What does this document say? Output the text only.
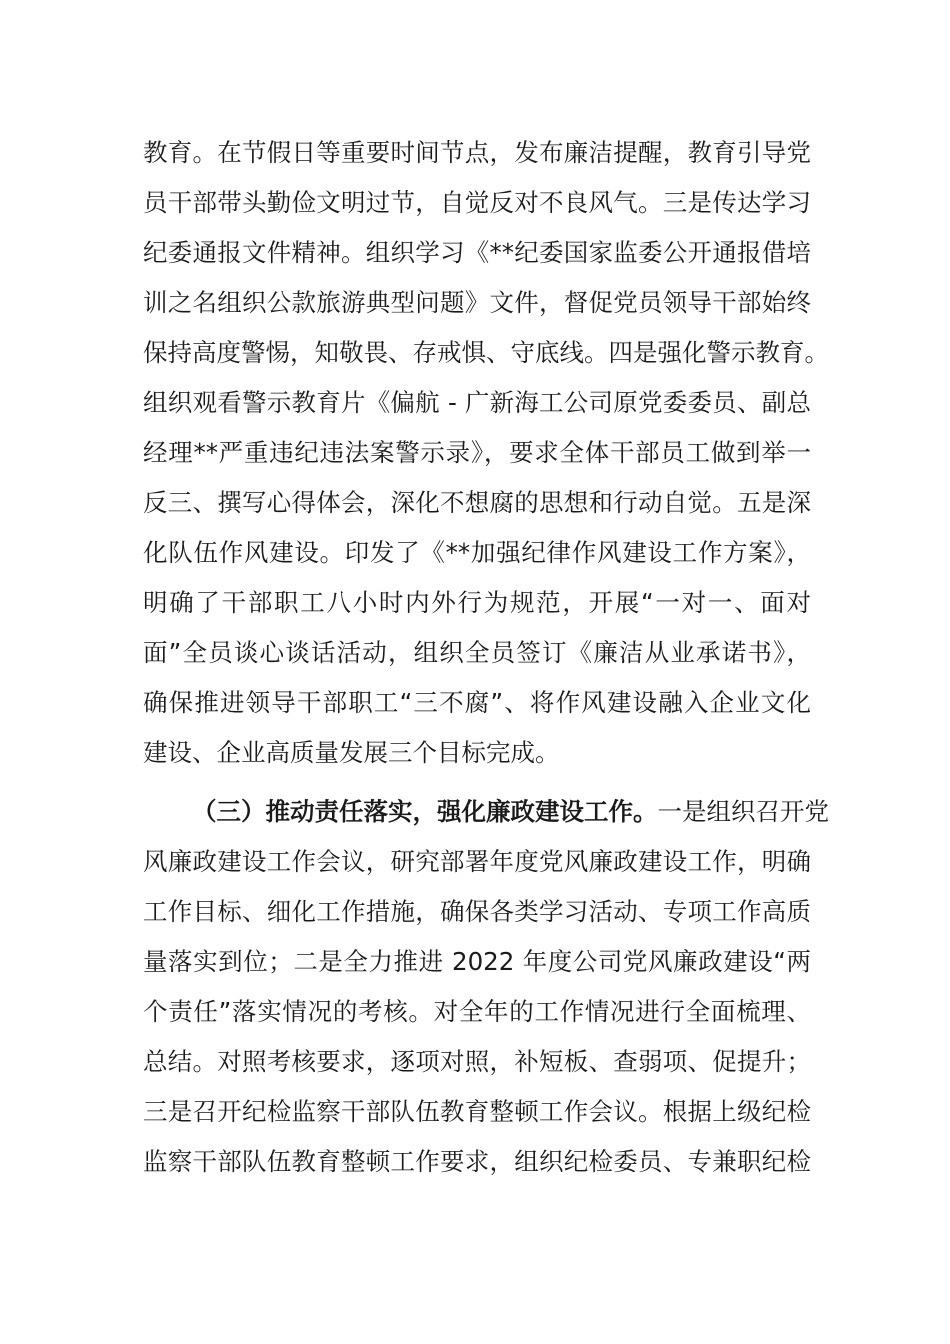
教育。在节假日等重要时间节点，发布廉洁提醒，教育引导党
员干部带头勤俭文明过节，自觉反对不良风气。三是传达学习
纪委通报文件精神。组织学习《**纪委国家监委公开通报借培
训之名组织公款旅游典型问题》文件，督促党员领导干部始终
保持高度警惕，知敬畏、存戒惧、守底线。四是强化警示教育。
组织观看警示教育片《偏航 - 广新海工公司原党委委员、副总
经理**严重违纪违法案警示录》，要求全体干部员工做到举一
反三、撰写心得体会，深化不想腐的思想和行动自觉。五是深
化队伍作风建设。印发了《**加强纪律作风建设工作方案》，
明确了干部职工八小时内外行为规范，开展“一对一、面对
面”全员谈心谈话活动，组织全员签订《廉洁从业承诺书》，
确保推进领导干部职工“三不腐”、将作风建设融入企业文化
建设、企业高质量发展三个目标完成。
（三）推动责任落实，强化廉政建设工作。一是组织召开党
风廉政建设工作会议，研究部署年度党风廉政建设工作，明确
工作目标、细化工作措施，确保各类学习活动、专项工作高质
量落实到位；二是全力推进 2022 年度公司党风廉政建设“两
个责任”落实情况的考核。对全年的工作情况进行全面梳理、
总结。对照考核要求，逐项对照，补短板、查弱项、促提升；
三是召开纪检监察干部队伍教育整顿工作会议。根据上级纪检
监察干部队伍教育整顿工作要求，组织纪检委员、专兼职纪检
